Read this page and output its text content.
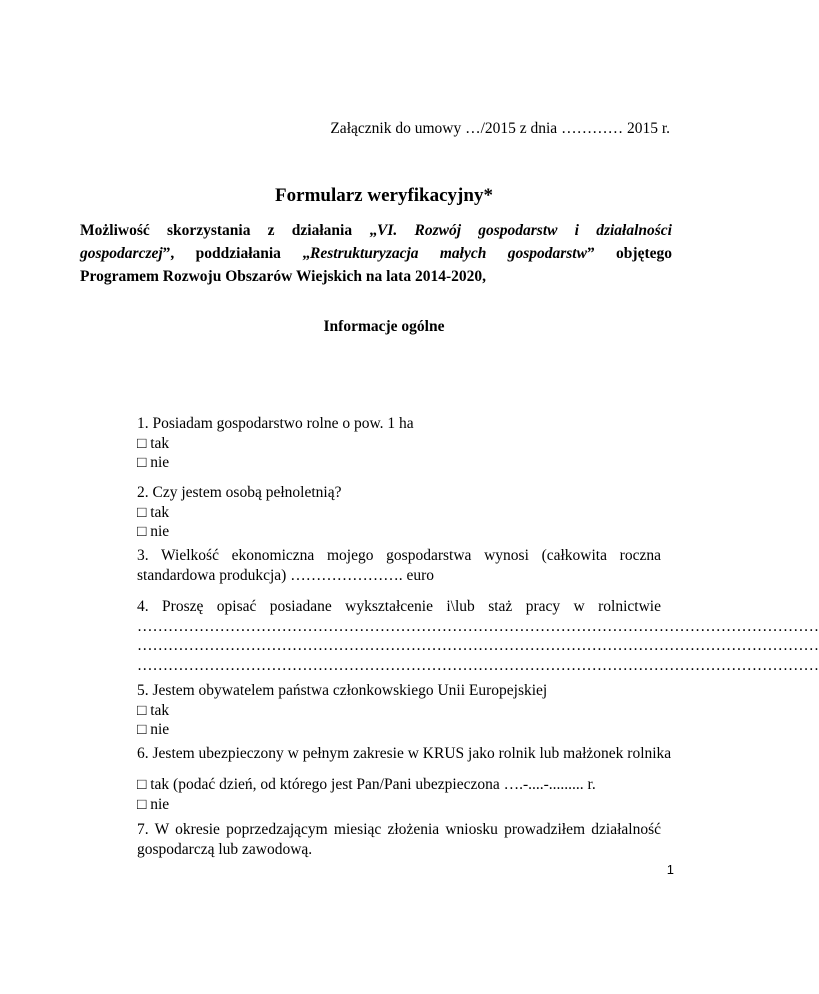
Załącznik do umowy …/2015 z dnia ………… 2015 r.
Formularz weryfikacyjny*
Możliwość skorzystania z działania „VI. Rozwój gospodarstw i działalności
gospodarczej”, poddziałania „Restrukturyzacja małych gospodarstw” objętego
Programem Rozwoju Obszarów Wiejskich na lata 2014-2020,
Informacje ogólne
1. Posiadam gospodarstwo rolne o pow. 1 ha
□ tak
□ nie
2. Czy jestem osobą pełnoletnią?
□ tak
□ nie
3. Wielkość ekonomiczna mojego gospodarstwa wynosi (całkowita roczna
standardowa produkcja) …………………. euro
4. Proszę opisać posiadane wykształcenie i\lub staż pracy w rolnictwie
……………………………………………………………………………………………………………………
……………………………………………………………………………………………………………………
……………………………………………………………………………………………………………………
5. Jestem obywatelem państwa członkowskiego Unii Europejskiej
□ tak
□ nie
6. Jestem ubezpieczony w pełnym zakresie w KRUS jako rolnik lub małżonek rolnika
□ tak (podać dzień, od którego jest Pan/Pani ubezpieczona ….-....-......... r.
□ nie
7. W okresie poprzedzającym miesiąc złożenia wniosku prowadziłem działalność
gospodarczą lub zawodową.
1
